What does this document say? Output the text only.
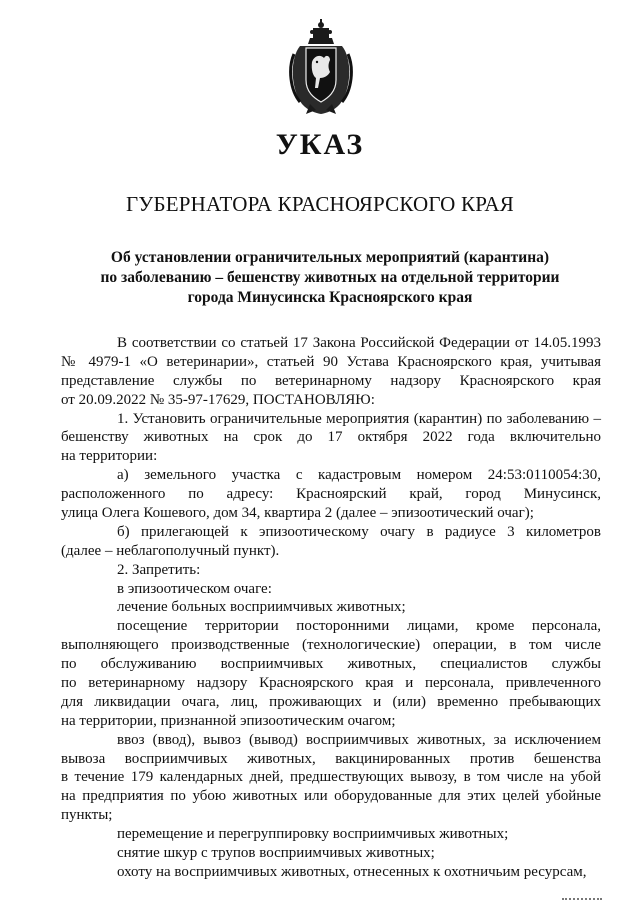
УКАЗ
ГУБЕРНАТОРА КРАСНОЯРСКОГО КРАЯ
Об установлении ограничительных мероприятий (карантина)
по заболеванию – бешенству животных на отдельной территории
города Минусинска Красноярского края
В соответствии со статьей 17 Закона Российской Федерации от 14.05.1993
№ 4979-1 «О ветеринарии», статьей 90 Устава Красноярского края, учитывая
представление службы по ветеринарному надзору Красноярского края
от 20.09.2022 № 35-97-17629, ПОСТАНОВЛЯЮ:
1. Установить ограничительные мероприятия (карантин) по заболеванию –
бешенству животных на срок до 17 октября 2022 года включительно
на территории:
а) земельного участка с кадастровым номером 24:53:0110054:30,
расположенного по адресу: Красноярский край, город Минусинск,
улица Олега Кошевого, дом 34, квартира 2 (далее – эпизоотический очаг);
б) прилегающей к эпизоотическому очагу в радиусе 3 километров
(далее – неблагополучный пункт).
2. Запретить:
в эпизоотическом очаге:
лечение больных восприимчивых животных;
посещение территории посторонними лицами, кроме персонала,
выполняющего производственные (технологические) операции, в том числе
по обслуживанию восприимчивых животных, специалистов службы
по ветеринарному надзору Красноярского края и персонала, привлеченного
для ликвидации очага, лиц, проживающих и (или) временно пребывающих
на территории, признанной эпизоотическим очагом;
ввоз (ввод), вывоз (вывод) восприимчивых животных, за исключением
вывоза восприимчивых животных, вакцинированных против бешенства
в течение 179 календарных дней, предшествующих вывозу, в том числе на убой
на предприятия по убою животных или оборудованные для этих целей убойные
пункты;
перемещение и перегруппировку восприимчивых животных;
снятие шкур с трупов восприимчивых животных;
охоту на восприимчивых животных, отнесенных к охотничьим ресурсам,
